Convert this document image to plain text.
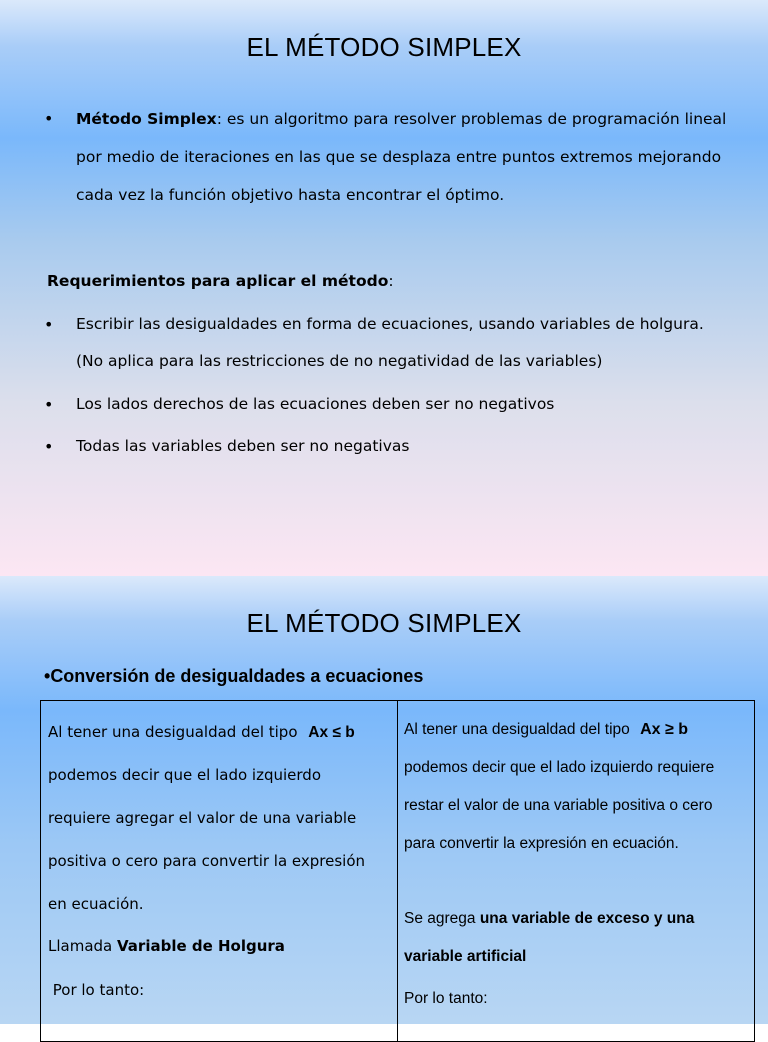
EL MÉTODO SIMPLEX
• Método Simplex: es un algoritmo para resolver problemas de programación lineal
por medio de iteraciones en las que se desplaza entre puntos extremos mejorando
cada vez la función objetivo hasta encontrar el óptimo.
Requerimientos para aplicar el método:
• Escribir las desigualdades en forma de ecuaciones, usando variables de holgura.
(No aplica para las restricciones de no negatividad de las variables)
• Los lados derechos de las ecuaciones deben ser no negativos
• Todas las variables deben ser no negativas
EL MÉTODO SIMPLEX
•Conversión de desigualdades a ecuaciones
Al tener una desigualdad del tipo Ax ≤ b
podemos decir que el lado izquierdo
requiere agregar el valor de una variable
positiva o cero para convertir la expresión
en ecuación.
Llamada Variable de Holgura
Por lo tanto:
Al tener una desigualdad del tipo Ax ≥ b
podemos decir que el lado izquierdo requiere
restar el valor de una variable positiva o cero
para convertir la expresión en ecuación.
Se agrega una variable de exceso y una
variable artificial
Por lo tanto:
